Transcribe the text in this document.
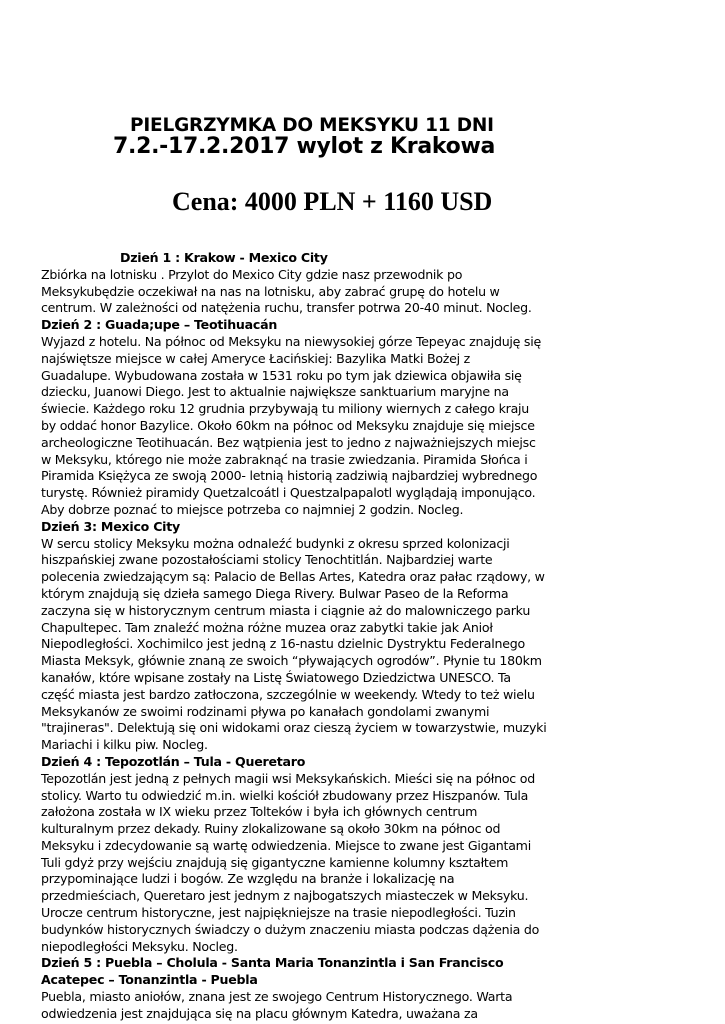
PIELGRZYMKA DO MEKSYKU 11 DNI
7.2.-17.2.2017 wylot z Krakowa
Cena: 4000 PLN + 1160 USD
Dzień 1 : Krakow - Mexico City
Zbiórka na lotnisku . Przylot do Mexico City gdzie nasz przewodnik po
Meksykubędzie oczekiwał na nas na lotnisku, aby zabrać grupę do hotelu w
centrum. W zależności od natężenia ruchu, transfer potrwa 20-40 minut. Nocleg.
Dzień 2 : Guada;upe – Teotihuacán
Wyjazd z hotelu. Na północ od Meksyku na niewysokiej górze Tepeyac znajduję się
najświętsze miejsce w całej Ameryce Łacińskiej: Bazylika Matki Bożej z
Guadalupe. Wybudowana została w 1531 roku po tym jak dziewica objawiła się
dziecku, Juanowi Diego. Jest to aktualnie największe sanktuarium maryjne na
świecie. Każdego roku 12 grudnia przybywają tu miliony wiernych z całego kraju
by oddać honor Bazylice. Około 60km na północ od Meksyku znajduje się miejsce
archeologiczne Teotihuacán. Bez wątpienia jest to jedno z najważniejszych miejsc
w Meksyku, którego nie może zabraknąć na trasie zwiedzania. Piramida Słońca i
Piramida Księżyca ze swoją 2000- letnią historią zadziwią najbardziej wybrednego
turystę. Również piramidy Quetzalcoátl i Questzalpapalotl wyglądają imponująco.
Aby dobrze poznać to miejsce potrzeba co najmniej 2 godzin. Nocleg.
Dzień 3: Mexico City
W sercu stolicy Meksyku można odnaleźć budynki z okresu sprzed kolonizacji
hiszpańskiej zwane pozostałościami stolicy Tenochtitlán. Najbardziej warte
polecenia zwiedzającym są: Palacio de Bellas Artes, Katedra oraz pałac rządowy, w
którym znajdują się dzieła samego Diega Rivery. Bulwar Paseo de la Reforma
zaczyna się w historycznym centrum miasta i ciągnie aż do malowniczego parku
Chapultepec. Tam znaleźć można różne muzea oraz zabytki takie jak Anioł
Niepodległości. Xochimilco jest jedną z 16-nastu dzielnic Dystryktu Federalnego
Miasta Meksyk, głównie znaną ze swoich “pływających ogrodów”. Płynie tu 180km
kanałów, które wpisane zostały na Listę Światowego Dziedzictwa UNESCO. Ta
część miasta jest bardzo zatłoczona, szczególnie w weekendy. Wtedy to też wielu
Meksykanów ze swoimi rodzinami pływa po kanałach gondolami zwanymi
"trajineras". Delektują się oni widokami oraz cieszą życiem w towarzystwie, muzyki
Mariachi i kilku piw. Nocleg.
Dzień 4 : Tepozotlán – Tula - Queretaro
Tepozotlán jest jedną z pełnych magii wsi Meksykańskich. Mieści się na północ od
stolicy. Warto tu odwiedzić m.in. wielki kościół zbudowany przez Hiszpanów. Tula
założona została w IX wieku przez Tolteków i była ich głównych centrum
kulturalnym przez dekady. Ruiny zlokalizowane są około 30km na północ od
Meksyku i zdecydowanie są wartę odwiedzenia. Miejsce to zwane jest Gigantami
Tuli gdyż przy wejściu znajdują się gigantyczne kamienne kolumny kształtem
przypominające ludzi i bogów. Ze względu na branże i lokalizację na
przedmieściach, Queretaro jest jednym z najbogatszych miasteczek w Meksyku.
Urocze centrum historyczne, jest najpiękniejsze na trasie niepodległości. Tuzin
budynków historycznych świadczy o dużym znaczeniu miasta podczas dążenia do
niepodległości Meksyku. Nocleg.
Dzień 5 : Puebla – Cholula - Santa Maria Tonanzintla i San Francisco
Acatepec – Tonanzintla - Puebla
Puebla, miasto aniołów, znana jest ze swojego Centrum Historycznego. Warta
odwiedzenia jest znajdująca się na placu głównym Katedra, uważana za
